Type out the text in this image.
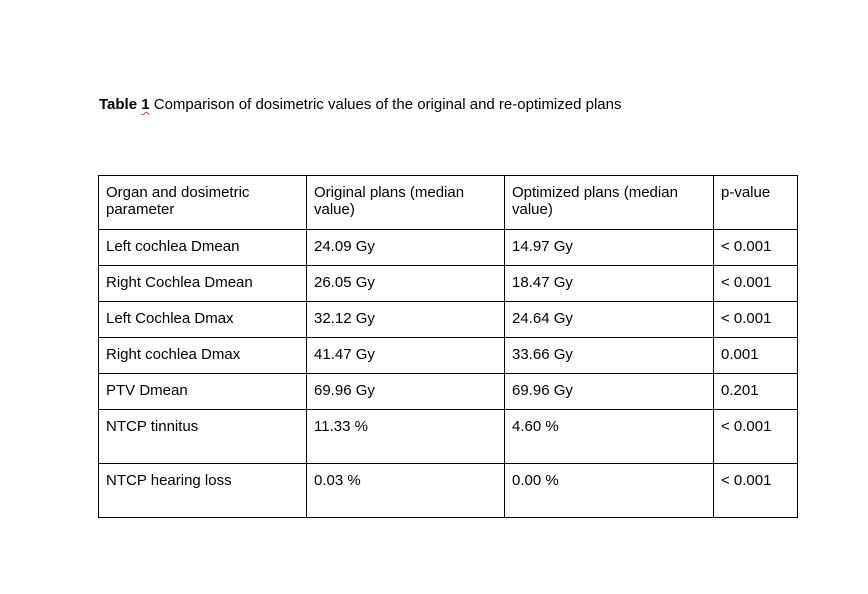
Table 1 Comparison of dosimetric values of the original and re-optimized plans
Organ and dosimetric parameter	Original plans (median value)	Optimized plans (median value)	p-value
Left cochlea Dmean	24.09 Gy	14.97 Gy	< 0.001
Right Cochlea Dmean	26.05 Gy	18.47 Gy	< 0.001
Left Cochlea Dmax	32.12 Gy	24.64 Gy	< 0.001
Right cochlea Dmax	41.47 Gy	33.66 Gy	0.001
PTV Dmean	69.96 Gy	69.96 Gy	0.201
NTCP tinnitus	11.33 %	4.60 %	< 0.001
NTCP hearing loss	0.03 %	0.00 %	< 0.001
